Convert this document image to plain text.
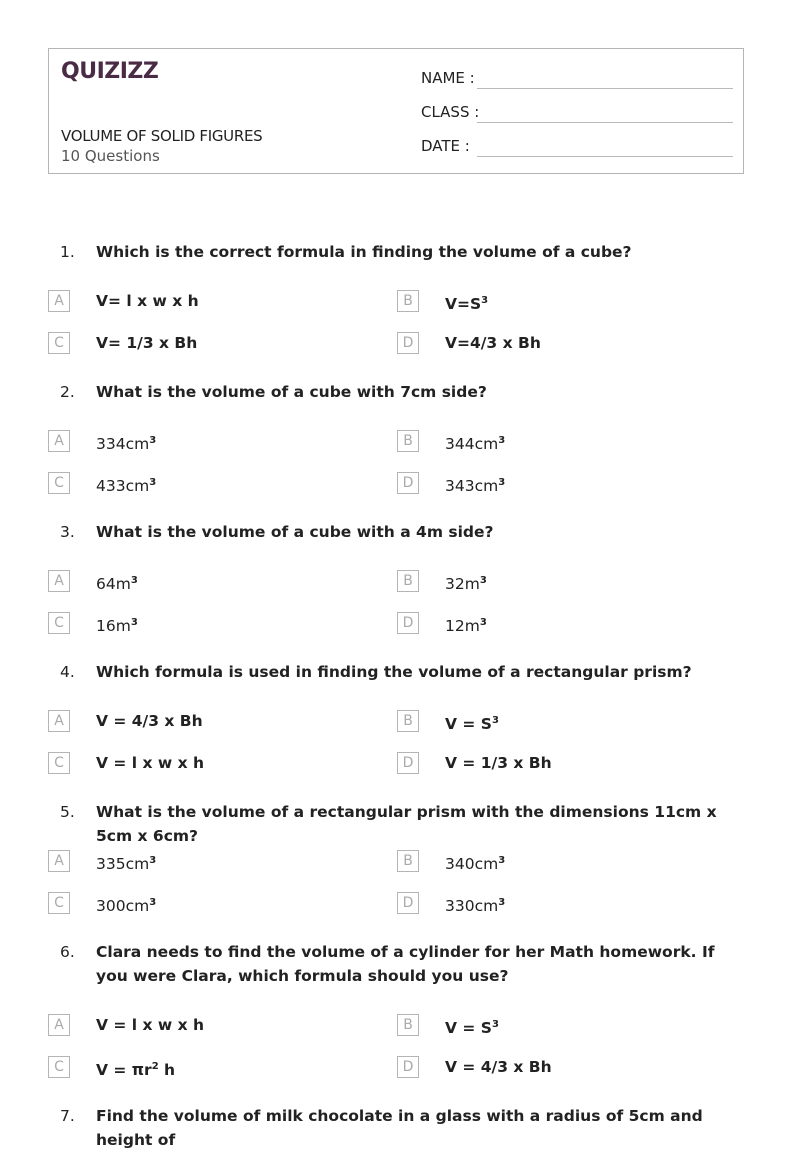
QUIZIZZ
VOLUME OF SOLID FIGURES
10 Questions
NAME :
CLASS :
DATE :
1. Which is the correct formula in finding the volume of a cube?
A	V= l x w x h	B	$V=S^3$
C	V= 1/3 x Bh	D	V=4/3 x Bh
2. What is the volume of a cube with 7cm side?
A	$334cm^3$	B	$344cm^3$
C	$433cm^3$	D	$343cm^3$
3. What is the volume of a cube with a 4m side?
A	$64m^3$	B	$32m^3$
C	$16m^3$	D	$12m^3$
4. Which formula is used in finding the volume of a rectangular prism?
A	V = 4/3 x Bh	B	$V = S^3$
C	V = l x w x h	D	V = 1/3 x Bh
5. What is the volume of a rectangular prism with the dimensions 11cm x 5cm x 6cm?
A	$335cm^3$	B	$340cm^3$
C	$300cm^3$	D	$330cm^3$
6. Clara needs to find the volume of a cylinder for her Math homework. If you were Clara, which formula should you use?
A	V = l x w x h	B	$V = S^3$
C	$V = \pi r^2$ h	D	V = 4/3 x Bh
7. Find the volume of milk chocolate in a glass with a radius of 5cm and height of
